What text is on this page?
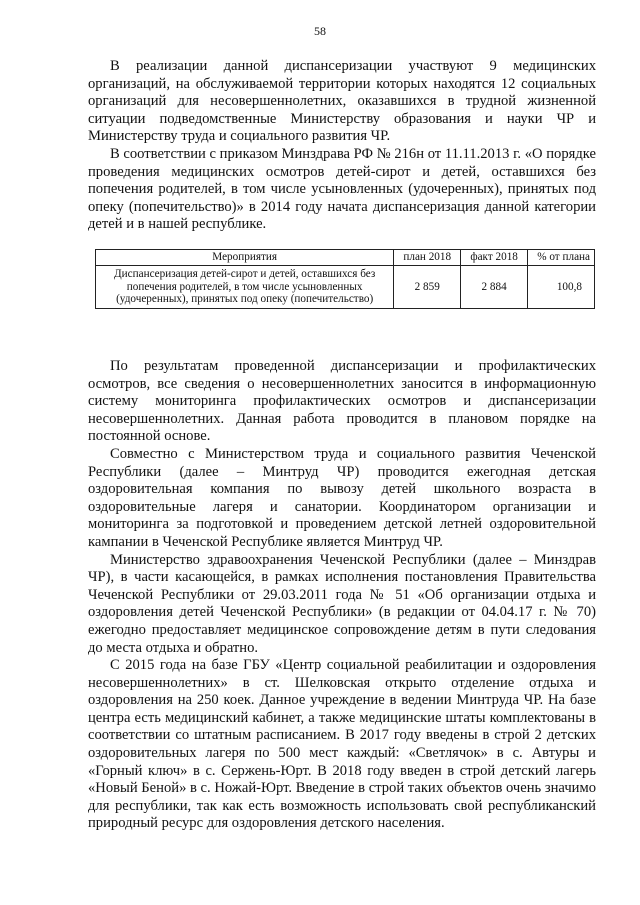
58

В реализации данной диспансеризации участвуют 9 медицинских организаций, на обслуживаемой территории которых находятся 12 социальных организаций для несовершеннолетних, оказавшихся в трудной жизненной ситуации подведомственные Министерству образования и науки ЧР и Министерству труда и социального развития ЧР.

В соответствии с приказом Минздрава РФ № 216н от 11.11.2013 г. «О порядке проведения медицинских осмотров детей-сирот и детей, оставшихся без попечения родителей, в том числе усыновленных (удочеренных), принятых под опеку (попечительство)» в 2014 году начата диспансеризация данной категории детей и в нашей республике.

Мероприятия	план 2018	факт 2018	% от плана
Диспансеризация детей-сирот и детей, оставшихся без попечения родителей, в том числе усыновленных (удочеренных), принятых под опеку (попечительство)	2 859	2 884	100,8

По результатам проведенной диспансеризации и профилактических осмотров, все сведения о несовершеннолетних заносится в информационную систему мониторинга профилактических осмотров и диспансеризации несовершеннолетних. Данная работа проводится в плановом порядке на постоянной основе.

Совместно с Министерством труда и социального развития Чеченской Республики (далее – Минтруд ЧР) проводится ежегодная детская оздоровительная компания по вывозу детей школьного возраста в оздоровительные лагеря и санатории. Координатором организации и мониторинга за подготовкой и проведением детской летней оздоровительной кампании в Чеченской Республике является Минтруд ЧР.

Министерство здравоохранения Чеченской Республики (далее – Минздрав ЧР), в части касающейся, в рамках исполнения постановления Правительства Чеченской Республики от 29.03.2011 года № 51 «Об организации отдыха и оздоровления детей Чеченской Республики» (в редакции от 04.04.17 г. № 70) ежегодно предоставляет медицинское сопровождение детям в пути следования до места отдыха и обратно.

С 2015 года на базе ГБУ «Центр социальной реабилитации и оздоровления несовершеннолетних» в ст. Шелковская открыто отделение отдыха и оздоровления на 250 коек. Данное учреждение в ведении Минтруда ЧР. На базе центра есть медицинский кабинет, а также медицинские штаты комплектованы в соответствии со штатным расписанием. В 2017 году введены в строй 2 детских оздоровительных лагеря по 500 мест каждый: «Светлячок» в с. Автуры и «Горный ключ» в с. Сержень-Юрт. В 2018 году введен в строй детский лагерь «Новый Беной» в с. Ножай-Юрт. Введение в строй таких объектов очень значимо для республики, так как есть возможность использовать свой республиканский природный ресурс для оздоровления детского населения.
